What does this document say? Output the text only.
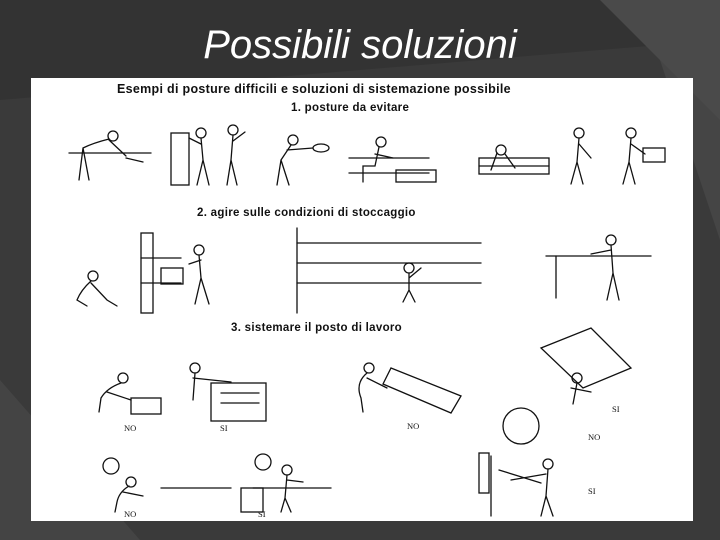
Possibili soluzioni
Esempi di posture difficili e soluzioni di sistemazione possibile
1. posture da evitare
2. agire sulle condizioni di stoccaggio
3. sistemare il posto di lavoro
NO	SI	NO
SI
NO
SI
NO	SI
